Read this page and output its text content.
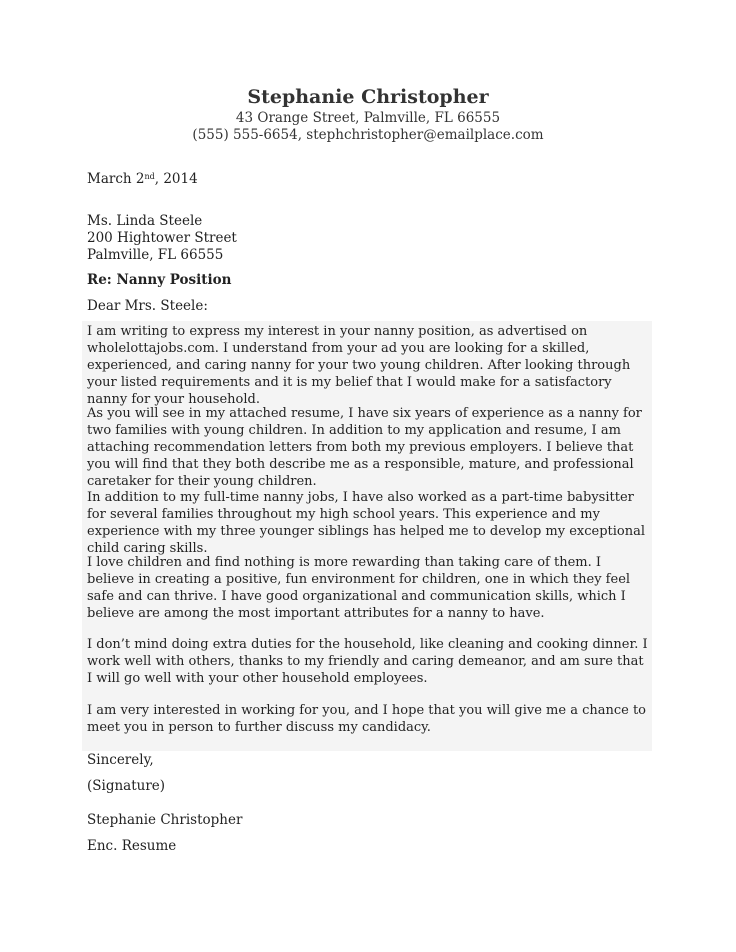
Stephanie Christopher
43 Orange Street, Palmville, FL 66555
(555) 555-6654, stephchristopher@emailplace.com
March 2nd, 2014
Ms. Linda Steele
200 Hightower Street
Palmville, FL 66555
Re: Nanny Position
Dear Mrs. Steele:
I am writing to express my interest in your nanny position, as advertised on wholelottajobs.com. I understand from your ad you are looking for a skilled, experienced, and caring nanny for your two young children. After looking through your listed requirements and it is my belief that I would make for a satisfactory nanny for your household.
As you will see in my attached resume, I have six years of experience as a nanny for two families with young children. In addition to my application and resume, I am attaching recommendation letters from both my previous employers. I believe that you will find that they both describe me as a responsible, mature, and professional caretaker for their young children.
In addition to my full-time nanny jobs, I have also worked as a part-time babysitter for several families throughout my high school years. This experience and my experience with my three younger siblings has helped me to develop my exceptional child caring skills.
I love children and find nothing is more rewarding than taking care of them. I believe in creating a positive, fun environment for children, one in which they feel safe and can thrive. I have good organizational and communication skills, which I believe are among the most important attributes for a nanny to have.
I don’t mind doing extra duties for the household, like cleaning and cooking dinner. I work well with others, thanks to my friendly and caring demeanor, and am sure that I will go well with your other household employees.
I am very interested in working for you, and I hope that you will give me a chance to meet you in person to further discuss my candidacy.
Sincerely,
(Signature)
Stephanie Christopher
Enc. Resume
